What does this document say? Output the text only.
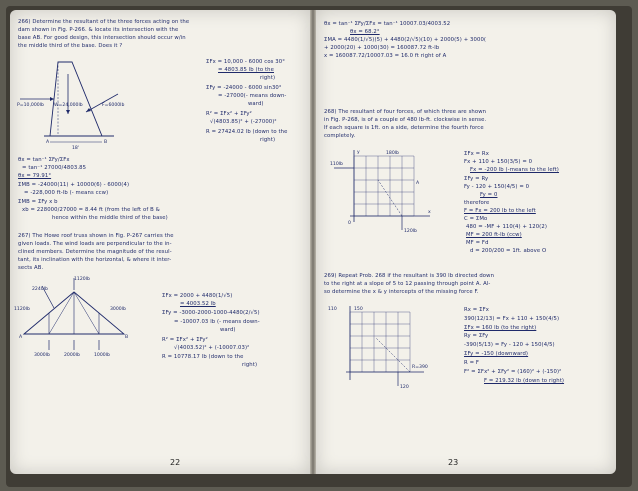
266) Determine the resultant of the three forces acting on the
dam shown in Fig. P-266. & locate its intersection with the
base AB. For good design, this intersection should occur w/in
the middle third of the base. Does it ?
P=10,000lb W=24,000lb	F=6000lb
18'
A	B
ΣFx = 10,000 - 6000 cos 30°
= 4803.85 lb (to the
right)
ΣFy = -24000 - 6000 sin30°
= -27000(- means down-
ward)
R² = ΣFx² + ΣFy²
√(4803.85)² + (-27000)²
R = 27424.02 lb (down to the
right)
θx = tan⁻¹ ΣFy/ΣFx
= tan⁻¹ 27000/4803.85
θx = 79.91°
ΣMB = -24000(11) + 10000(6) - 6000(4)
= -228,000 ft-lb (- means ccw)
ΣMB = ΣFy x b
xb = 228000/27000 = 8.44 ft (from the left of B &
hence within the middle third of the base)
267) The Howe roof truss shown in Fig. P-267 carries the
given loads. The wind loads are perpendicular to the in-
clined members. Determine the magnitude of the resul-
tant, its inclination with the horizontal, & where it inter-
sects AB.
1120lb
2240lb
1120lb	3000lb
3000lb	2000lb	1000lb
A	B
ΣFx = 2000 + 4480(1/√5)
= 4003.52 lb
ΣFy = -3000-2000-1000-4480(2/√5)
= -10007.03 lb (- means down-
ward)
R² = ΣFx² + ΣFy²
√(4003.52)² + (-10007.03)²
R = 10778.17 lb (down to the
right)
22
θx = tan⁻¹ ΣFy/ΣFx = tan⁻¹ 10007.03/4003.52
θx = 68.2°
ΣMA = 4480(1/√5)(5) + 4480(2/√5)(10) + 2000(5) + 3000(
+ 2000(20) + 1000(30) = 160087.72 ft-lb
x = 160087.72/10007.03 = 16.0 ft right of A
268) The resultant of four forces, of which three are shown
in Fig. P-268, is of a couple of 480 lb-ft. clockwise in sense.
If each square is 1ft. on a side, determine the fourth force
completely.
110lb
180lb
120lb
y
x
0
A
ΣFx = Rx
Fx + 110 + 150(3/5) = 0
Fx = -200 lb (-means to the left)
ΣFy = Ry
Fy - 120 + 150(4/5) = 0
Fy = 0
therefore
F = Fx = 200 lb to the left
C = ΣMo
480 = -MF + 110(4) + 120(2)
MF = 200 ft-lb (ccw)
MF = Fd
d = 200/200 = 1ft. above O
269) Repeat Prob. 268 if the resultant is 390 lb directed down
to the right at a slope of 5 to 12 passing through point A. Al-
so determine the x & y intercepts of the missing force F.
110	150
120
R=390
Rx = ΣFx
390(12/13) = Fx + 110 + 150(4/5)
ΣFx = 160 lb (to the right)
Ry = ΣFy
-390(5/13) = Fy - 120 + 150(4/5)
ΣFy = -150 (downward)
R = F
F² = ΣFx² + ΣFy² = (160)² + (-150)²
F = 219.32 lb (down to right)
23
